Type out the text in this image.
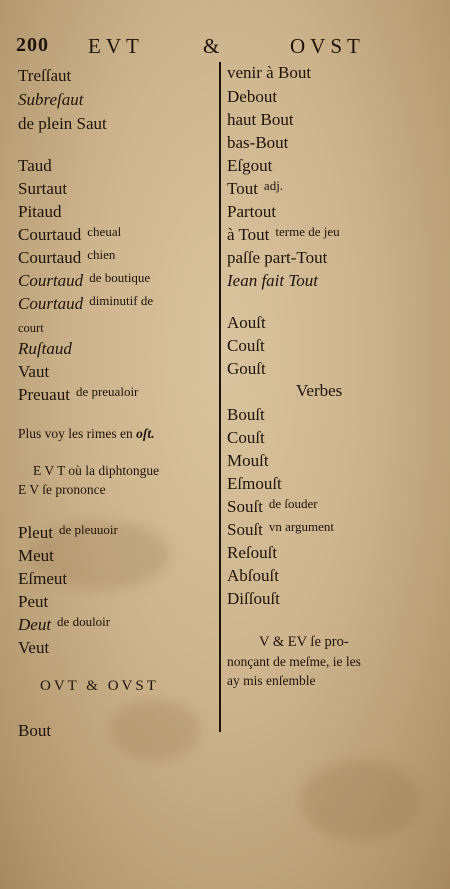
200 EVT	&	OVST
Treſſaut
Subreſaut
de plein Saut
Taud
Surtaut
Pitaud
Courtaud $^{cheual}$
Courtaud $^{chien}$
Courtaud $^{de boutique}$
Courtaud $^{diminutif de}$
court
Ruſtaud
Vaut
Preuaut $^{de preualoir}$
Plus voy les rimes en oſt.
E V T où la diphtongue
E V ſe prononce
Pleut $^{de pleuuoir}$
Meut
Eſmeut
Peut
Deut $^{de douloir}$
Veut
OVT & OVST
Bout
venir à Bout
Debout
haut Bout
bas-Bout
Eſgout
Tout $^{adj.}$
Partout
à Tout $^{terme de jeu}$
paſſe part-Tout
Iean fait Tout
Aouſt
Couſt
Gouſt
Verbes
Bouſt
Couſt
Mouſt
Eſmouſt
Souſt $^{de ſouder}$
Souſt $^{vn argument}$
Reſouſt
Abſouſt
Diſſouſt
V & EV ſe pro-
nonçant de meſme, ie les
ay mis enſemble
